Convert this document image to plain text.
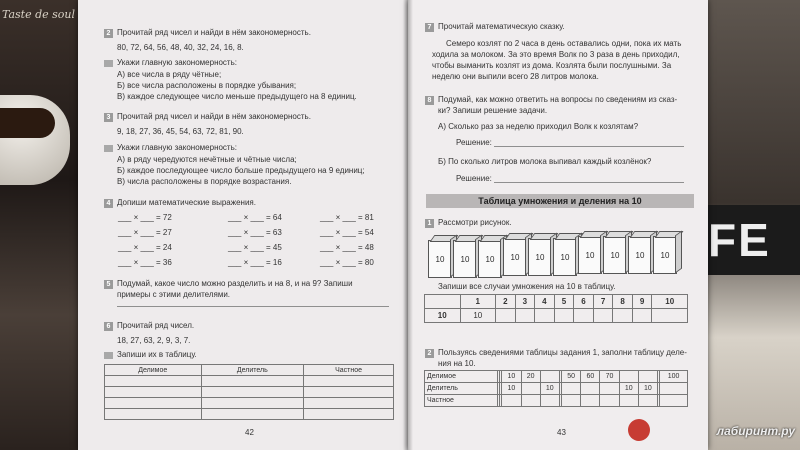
Taste de soul
FE
2 Прочитай ряд чисел и найди в нём закономерность.
80, 72, 64, 56, 48, 40, 32, 24, 16, 8.
Укажи главную закономерность:
А) все числа в ряду чётные;
Б) все числа расположены в порядке убывания;
В) каждое следующее число меньше предыдущего на 8 единиц.
3 Прочитай ряд чисел и найди в нём закономерность.
9, 18, 27, 36, 45, 54, 63, 72, 81, 90.
Укажи главную закономерность:
А) в ряду чередуются нечётные и чётные числа;
Б) каждое последующее число больше предыдущего на 9 единиц;
В) числа расположены в порядке возрастания.
4 Допиши математические выражения.
___ × ___ = 72	___ × ___ = 64	___ × ___ = 81
___ × ___ = 27	___ × ___ = 63	___ × ___ = 54
___ × ___ = 24	___ × ___ = 45	___ × ___ = 48
___ × ___ = 36	___ × ___ = 16	___ × ___ = 80
5 Подумай, какое число можно разделить и на 8, и на 9? Запиши
примеры с этими делителями.
6 Прочитай ряд чисел.
18, 27, 63, 2, 9, 3, 7.
Запиши их в таблицу.
Делимое	Делитель	Частное

42
7 Прочитай математическую сказку.
Семеро козлят по 2 часа в день оставались одни, пока их мать
ходила за молоком. За это время Волк по 3 раза в день приходил,
чтобы выманить козлят из дома. Козлята были послушными. За
неделю они выпили всего 28 литров молока.
8 Подумай, как можно ответить на вопросы по сведениям из сказ-
ки? Запиши решение задачи.
А) Сколько раз за неделю приходил Волк к козлятам?
Решение:
Б) По сколько литров молока выпивал каждый козлёнок?
Решение:
Таблица умножения и деления на 10
1 Рассмотри рисунок.
10	10	10	10	10	10	10	10	10	10
Запиши все случаи умножения на 10 в таблицу.
	1	2	3	4	5	6	7	8	9	10
10	10									
2 Пользуясь сведениями таблицы задания 1, заполни таблицу деле-
ния на 10.
Делимое			10	20			50	60	70				100
Делитель			10		10					10	10		
Частное													
43	лабиринт.ру
